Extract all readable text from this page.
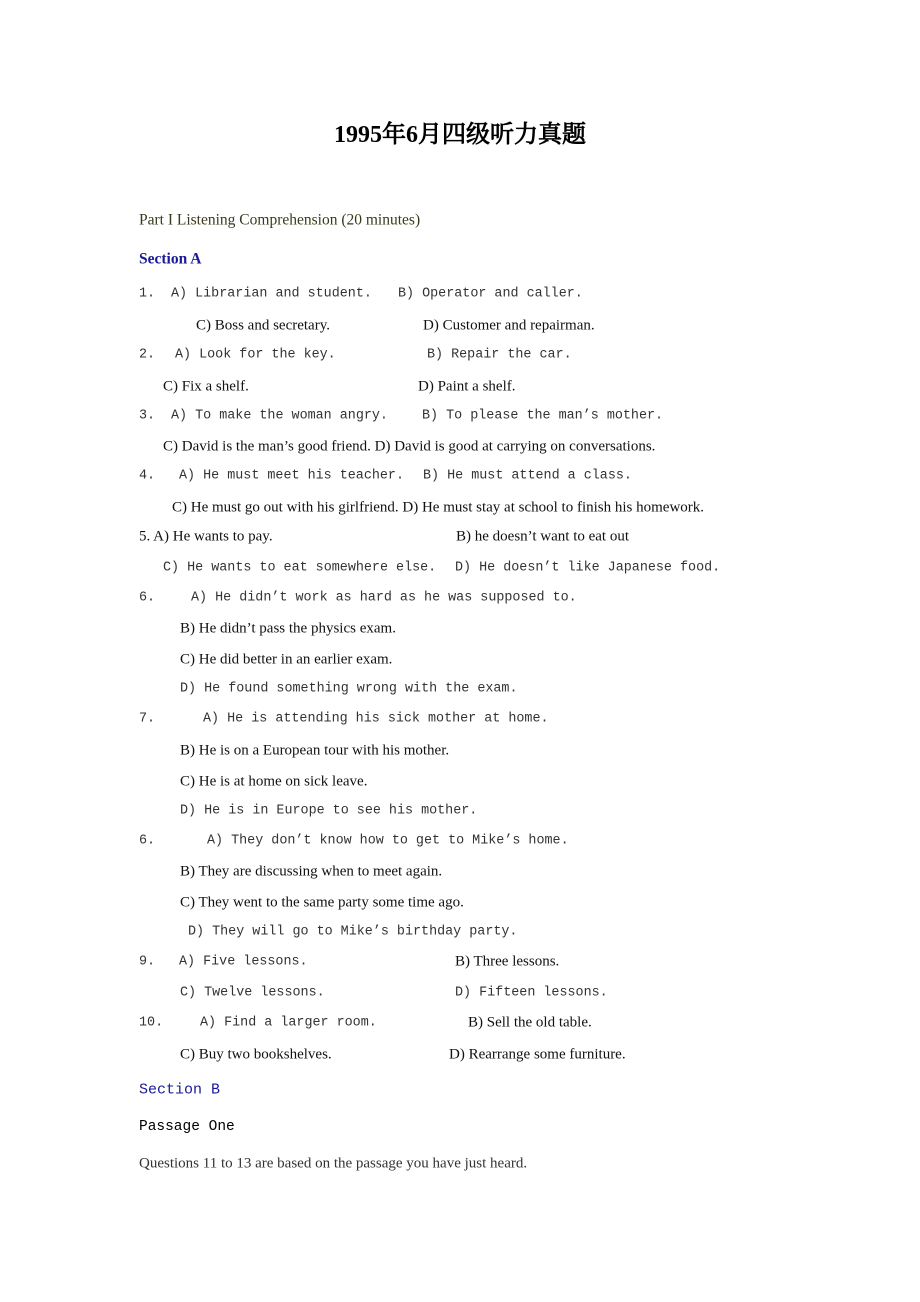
1995年6月四级听力真题
Part I Listening Comprehension (20 minutes)
Section A
1. A) Librarian and student. B) Operator and caller.
C) Boss and secretary.	D) Customer and repairman.
2. A) Look for the key.	B) Repair the car.
C) Fix a shelf.	D) Paint a shelf.
3. A) To make the woman angry.	B) To please the man’s mother.
C) David is the man’s good friend. D) David is good at carrying on conversations.
4. A) He must meet his teacher. B) He must attend a class.
C) He must go out with his girlfriend. D) He must stay at school to finish his homework.
5. A) He wants to pay.	B) he doesn’t want to eat out
C) He wants to eat somewhere else. D) He doesn’t like Japanese food.
6.	A) He didn’t work as hard as he was supposed to.
B) He didn’t pass the physics exam.
C) He did better in an earlier exam.
D) He found something wrong with the exam.
7.	A) He is attending his sick mother at home.
B) He is on a European tour with his mother.
C) He is at home on sick leave.
D) He is in Europe to see his mother.
6.	A) They don’t know how to get to Mike’s home.
B) They are discussing when to meet again.
C) They went to the same party some time ago.
D) They will go to Mike’s birthday party.
9. A) Five lessons.	B) Three lessons.
C) Twelve lessons.	D) Fifteen lessons.
10.	A) Find a larger room.	B) Sell the old table.
C) Buy two bookshelves.	D) Rearrange some furniture.
Section B
Passage One
Questions 11 to 13 are based on the passage you have just heard.
